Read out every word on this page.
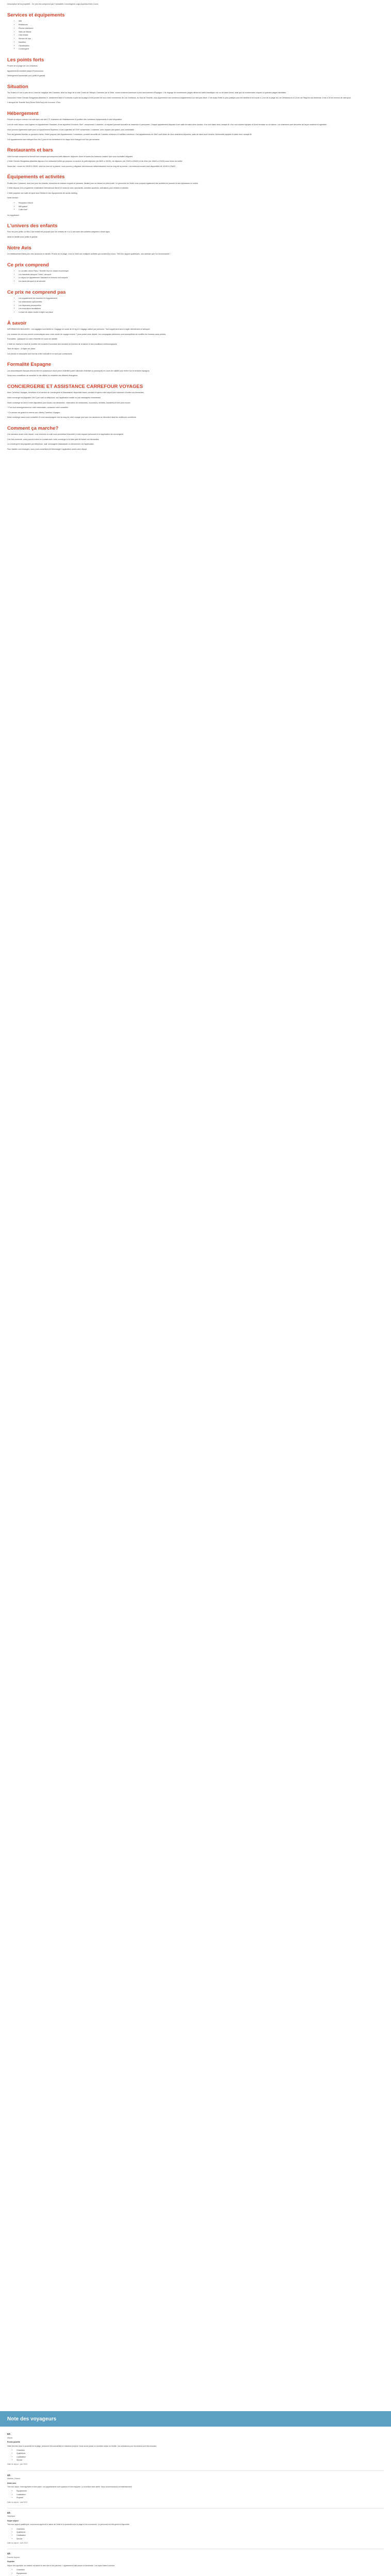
Description de la propriété - Ce prix est comprend par Formalités Conciergerie Logo Aqueduct Airs Conci.

Services et équipements
• Wifi
• Restaurant
• Piscine extérieure
• Salle de fitness
• Club enfant
• Service de spa
• Navettes
• Climatisation
• Conciergerie
Les points forts

Proche de la plage de Los Cristianos

Appartements meublés jusqu'à 5 personnes

Hébergement accessible pour petits et grands

Situation

Trio Suites à 5 min à pied de la Corniche magique des Canaries, situé au large de la côte Ouest de l'Afrique. Dominée par le Teide, volcan endormi culminant à plus haut sommet d'Espagne. L'île regorge de nombreuses plages offrant de sable basaltique noir ou de sable blond, ainsi que de nombreuses criques ou grandes plages familiales.

Découvrez l'hôtel Checkin Bungalows Atlantida 3*, idéalement situé à 5 minutes à pied de la plage et très proche de tous notre commerces de Los Cristianos, au Sud de Tenerife, vous apprécierez ses nombreux équipements à un tarif pas élevé. C'est aussi l'hôtel le plus pratique pour les familles et se trouve à 1 km de la plage de Los Cristianos et à 3,5 km de Playa de las Américas. Il est à 15 km environ de l'aéroport.

L'aéroport de Tenerife Sud (Reina Sofia Sud) est à environ 17km.

Hébergement

Prévoir un séjour comme il se doit dans une des 171 chambres de l'établissement et profitez des nombreux équipements à votre disposition.

Lors de votre séjour, vous logerez en Appartement Standard, d'une superficie d'environ 25m², comprenant 1 chambre, un espace pouvant accueillir au maximum 4 personnes. Chaque appartement dispose d'une salle de bains avec douche, d'un coin salon avec canapé-lit, d'un coin cuisine équipée et d'une terrasse ou un balcon. Les chambres sont décorées de façon moderne et agréable.

Vous pourrez également opter pour un Appartement Supérieur, d'une superficie de 37m² comprenant 1 chambre, avec espace plus grand, plus confortable.

Pour les grandes familles ou groupes d'amis, l'hôtel propose des Appartements 2 chambres, pouvant accueillir de 2 adultes minimum à 5 adultes maximum. Ces appartements de 45m² sont dotés de deux chambres séparées, salle de bains avec douche, kitchenette équipée et salon avec canapé-lit.

Les appartements sont nettoyés tous les 2 jours et les serviettes et les draps sont changés une fois par semaine.

Restaurants et bars

Votre formule comprend la formule tout compris qui comprend petit-déjeuner, déjeuner, dîner et toutes les boissons locales* que vous souhaitez déguster.

L'hôtel Checkin Bungalows Atlantida dispose d'un restaurant buffet qui propose un service de petit-déjeuner (de 8h00 à 10h30), de déjeuner (de 13h00 à 15h00) et de dîner (de 19h00 à 21h30) sous forme de buffet.

Snack-bar : ouvert de 10h30 à 23h00, situé au bord de la piscine, vous pourrez y déguster des boissons rafraîchissantes tout au long de la journée. Les boissons locales sont disponibles de 10h30 à 23h00.

Équipements et activités

Profitez des 3 piscines, dont une pour les enfants, entourées de chaises longues et parasols, idéales pour se relaxer en plein soleil. Le personnel de l'hôtel vous propose également des activités en journée et des spectacles en soirée.

L'hôtel dispose d'un programme d'animation international diurne et nocturne avec spectacles, activités sportives, animations pour enfants et adultes.

L'hôtel possède une salle de sport avec fitness et des équipements de cardio-training.

Notre service :

• Réception 24h/24
• Wifi gratuit
• Coffre-fort*

*en supplément

L'univers des enfants

Pour les plus petits, un Mini-Club enfant est proposé pour les enfants de 4 à 12 ans avec des activités adaptées à leurs âges.

Idéal en famille avec petits et grands.

Notre Avis

Un établissement idéal pour des vacances en famille. Proche de la plage, c'est un hôtel aux multiples activités qui conviendra à tous. Très bon rapport qualité/prix, une adresse que l'on recommande !

Ce prix comprend
• Le vol aller-retour Paris / Tenerife Sud en classe économique
• Les transferts aéroport / hôtel / aéroport
• Le séjour en Appartement Standard en formule tout compris
• Les taxes aéroport et de sécurité
Ce prix ne comprend pas
• Les suppléments de chambre et d'appartement
• Les assurances optionnelles
• Les dépenses personnelles
• Les excursions facultatives
• La taxe de séjour locale à régler sur place
À savoir

INFORMATION BAGAGES : Les bagages sont limités à 1 bagage en soute de 20 kg et 1 bagage cabine par personne. Tout supplément sera à régler directement à l'aéroport.

Les horaires de vol vous seront communiqués avec votre carnet de voyage environ 7 jours avant votre départ. Les compagnies aériennes sont susceptibles de modifier les horaires sans préavis.

Formalités : passeport ou carte d'identité en cours de validité.

L'hôtel se réserve le droit de modifier les horaires d'ouverture des services en fonction de la saison et des conditions météorologiques.

Taxe de séjour : à régler sur place.

Les photos et descriptifs sont fournis à titre indicatif et ne sont pas contractuels.

Formalité Espagne

Les ressortissants français devront être en possession d'une pièce d'identité (carte nationale d'identité ou passeport) en cours de validité pour entrer sur le territoire espagnol.

Nous vous conseillons de consulter le site officiel du ministère des Affaires étrangères.

CONCIERGERIE ET ASSISTANCE CARREFOUR VOYAGES

Avec Carrefour Voyages, bénéficiez d'un service de conciergerie et d'assistance disponible avant, pendant et après votre séjour pour répondre à toutes vos demandes.

Votre concierge est joignable 24h/7j par mail ou téléphone, via l'application mobile ou par messagerie instantanée.

Notre concierge se tient à votre disposition pour toutes vos demandes : réservation de restaurants, excursions, activités, transferts et bien plus encore.

* Pour tout renseignement sur votre réservation, contactez votre conseiller.

* Ce service est gratuit et réservé aux clients Carrefour Voyages.

Notre concierge saura vous conseiller et vous accompagner tout au long de votre voyage pour que vos vacances se déroulent dans les meilleures conditions.

Comment ça marche?

Une semaine avant votre départ, vous recevrez un mail vous permettant d'accéder à votre espace personnel et à l'application de conciergerie.

Une fois connecté, vous pourrez entrer en contact avec votre concierge et lui faire part de toutes vos demandes.

La conciergerie est joignable par téléphone, mail, messagerie instantanée ou directement via l'application.

Pour faciliter vos échanges, nous vous conseillons de télécharger l'application avant votre départ.

Note des voyageurs
5/5
Mayra
Points positifs
Hôtel très bien situé à proximité de la plage, personnel très accueillant et chambres propres. Nous avons passé un excellent séjour en famille. Les animations pour les enfants sont très réussies.
• Chambres
• Qualité/prix
• Localisation
• Service
Date du séjour : juin 2023
4/5
Martine, France
Notre avis
Très bon séjour, hôtel agréable et bien placé. Les appartements sont spacieux et bien équipés. La nourriture était variée. Nous recommandons cet établissement.
• Équipements
• Localisation
• Propreté
Date du séjour : mai 2023
5/5
Stéphane
Super séjour
Très bon rapport qualité/prix, nous avons apprécié le calme de l'hôtel et la proximité avec la plage et les commerces. Le personnel est très gentil et disponible.
• Chambres
• Qualité/prix
• Localisation
• Service
Date du séjour : avril 2023
4/5
Famille Dupont
Superbe
Séjour très agréable, les enfants ont adoré le mini-club et les piscines. L'appartement était propre et fonctionnel. Les repas étaient corrects.
• Chambres
• Équipements
•
